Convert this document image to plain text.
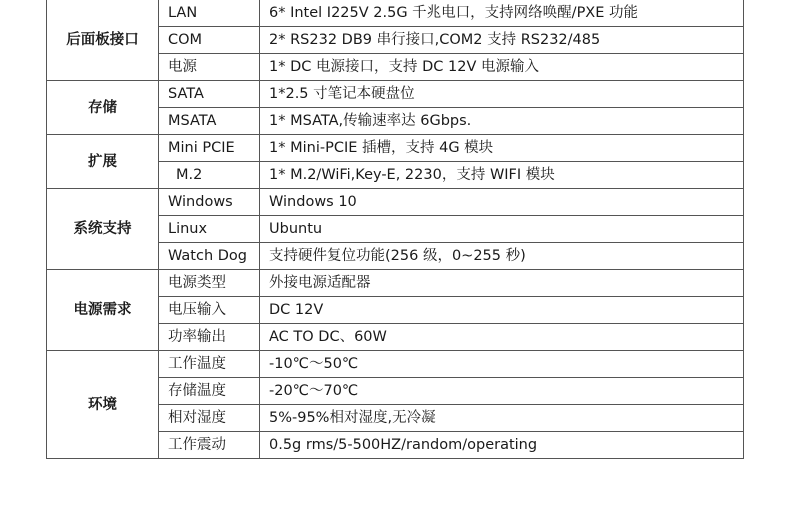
后面板接口	LAN	6* Intel I225V 2.5G 千兆电口，支持网络唤醒/PXE 功能
	COM	2* RS232 DB9 串行接口,COM2 支持 RS232/485
	电源	1* DC 电源接口，支持 DC 12V 电源输入
存储	SATA	1*2.5 寸笔记本硬盘位
	MSATA	1* MSATA,传输速率达 6Gbps.
扩展	Mini PCIE	1* Mini-PCIE 插槽，支持 4G 模块
	M.2	1* M.2/WiFi,Key-E, 2230，支持 WIFI 模块
系统支持	Windows	Windows 10
	Linux	Ubuntu
	Watch Dog	支持硬件复位功能(256 级，0~255 秒)
电源需求	电源类型	外接电源适配器
	电压输入	DC 12V
	功率输出	AC TO DC、60W
环境	工作温度	-10℃～50℃
	存储温度	-20℃～70℃
	相对湿度	5%-95%相对湿度,无冷凝
	工作震动	0.5g rms/5-500HZ/random/operating
